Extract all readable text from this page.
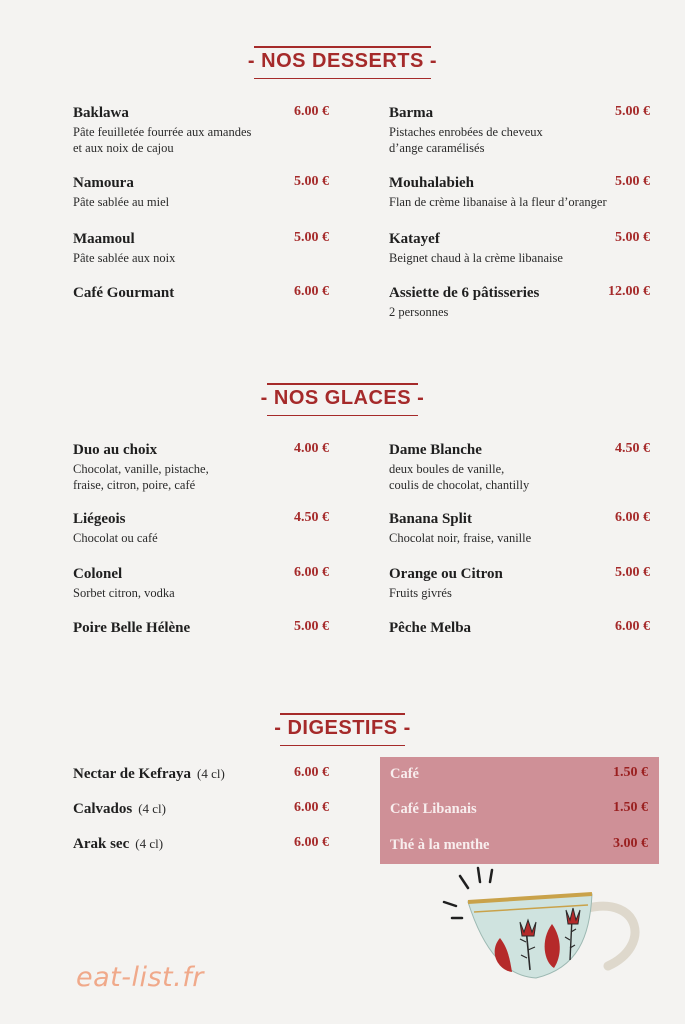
- NOS DESSERTS -
Baklawa	6.00 €
Pâte feuilletée fourrée aux amandes
et aux noix de cajou
Namoura	5.00 €
Pâte sablée au miel
Maamoul	5.00 €
Pâte sablée aux noix
Café Gourmant	6.00 €
Barma	5.00 €
Pistaches enrobées de cheveux
d’ange caramélisés
Mouhalabieh	5.00 €
Flan de crème libanaise à la fleur d’oranger
Katayef	5.00 €
Beignet chaud à la crème libanaise
Assiette de 6 pâtisseries	12.00 €
2 personnes
- NOS GLACES -
Duo au choix	4.00 €
Chocolat, vanille, pistache,
fraise, citron, poire, café
Liégeois	4.50 €
Chocolat ou café
Colonel	6.00 €
Sorbet citron, vodka
Poire Belle Hélène	5.00 €
Dame Blanche	4.50 €
deux boules de vanille,
coulis de chocolat, chantilly
Banana Split	6.00 €
Chocolat noir, fraise, vanille
Orange ou Citron	5.00 €
Fruits givrés
Pêche Melba	6.00 €
- DIGESTIFS -
Nectar de Kefraya (4 cl)	6.00 €
Calvados (4 cl)	6.00 €
Arak sec (4 cl)	6.00 €
Café	1.50 €
Café Libanais	1.50 €
Thé à la menthe	3.00 €
eat-list.fr
